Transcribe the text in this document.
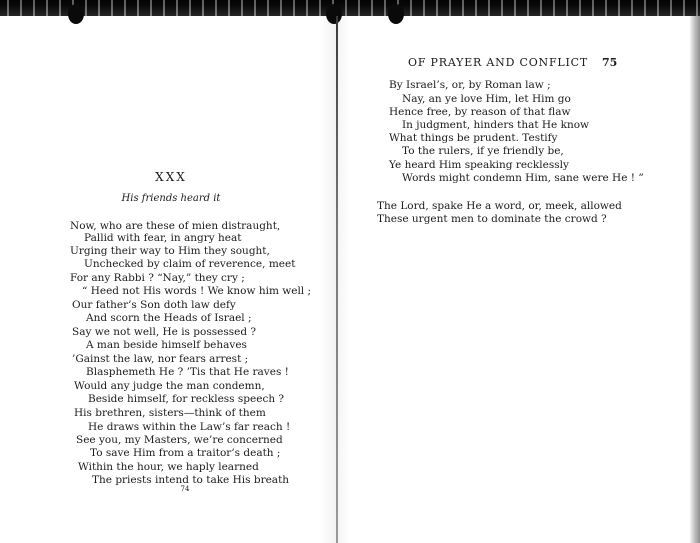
XXX
His friends heard it
Now, who are these of mien distraught,
Pallid with fear, in angry heat
Urging their way to Him they sought,
Unchecked by claim of reverence, meet
For any Rabbi ? “Nay,” they cry ;
“ Heed not His words ! We know him well ;
Our father’s Son doth law defy
And scorn the Heads of Israel ;
Say we not well, He is possessed ?
A man beside himself behaves
’Gainst the law, nor fears arrest ;
Blasphemeth He ? ’Tis that He raves !
Would any judge the man condemn,
Beside himself, for reckless speech ?
His brethren, sisters—think of them
He draws within the Law’s far reach !
See you, my Masters, we’re concerned
To save Him from a traitor’s death ;
Within the hour, we haply learned
The priests intend to take His breath
74
OF PRAYER AND CONFLICT 75
By Israel’s, or, by Roman law ;
Nay, an ye love Him, let Him go
Hence free, by reason of that flaw
In judgment, hinders that He know
What things be prudent. Testify
To the rulers, if ye friendly be,
Ye heard Him speaking recklessly
Words might condemn Him, sane were He ! ”
The Lord, spake He a word, or, meek, allowed
These urgent men to dominate the crowd ?
